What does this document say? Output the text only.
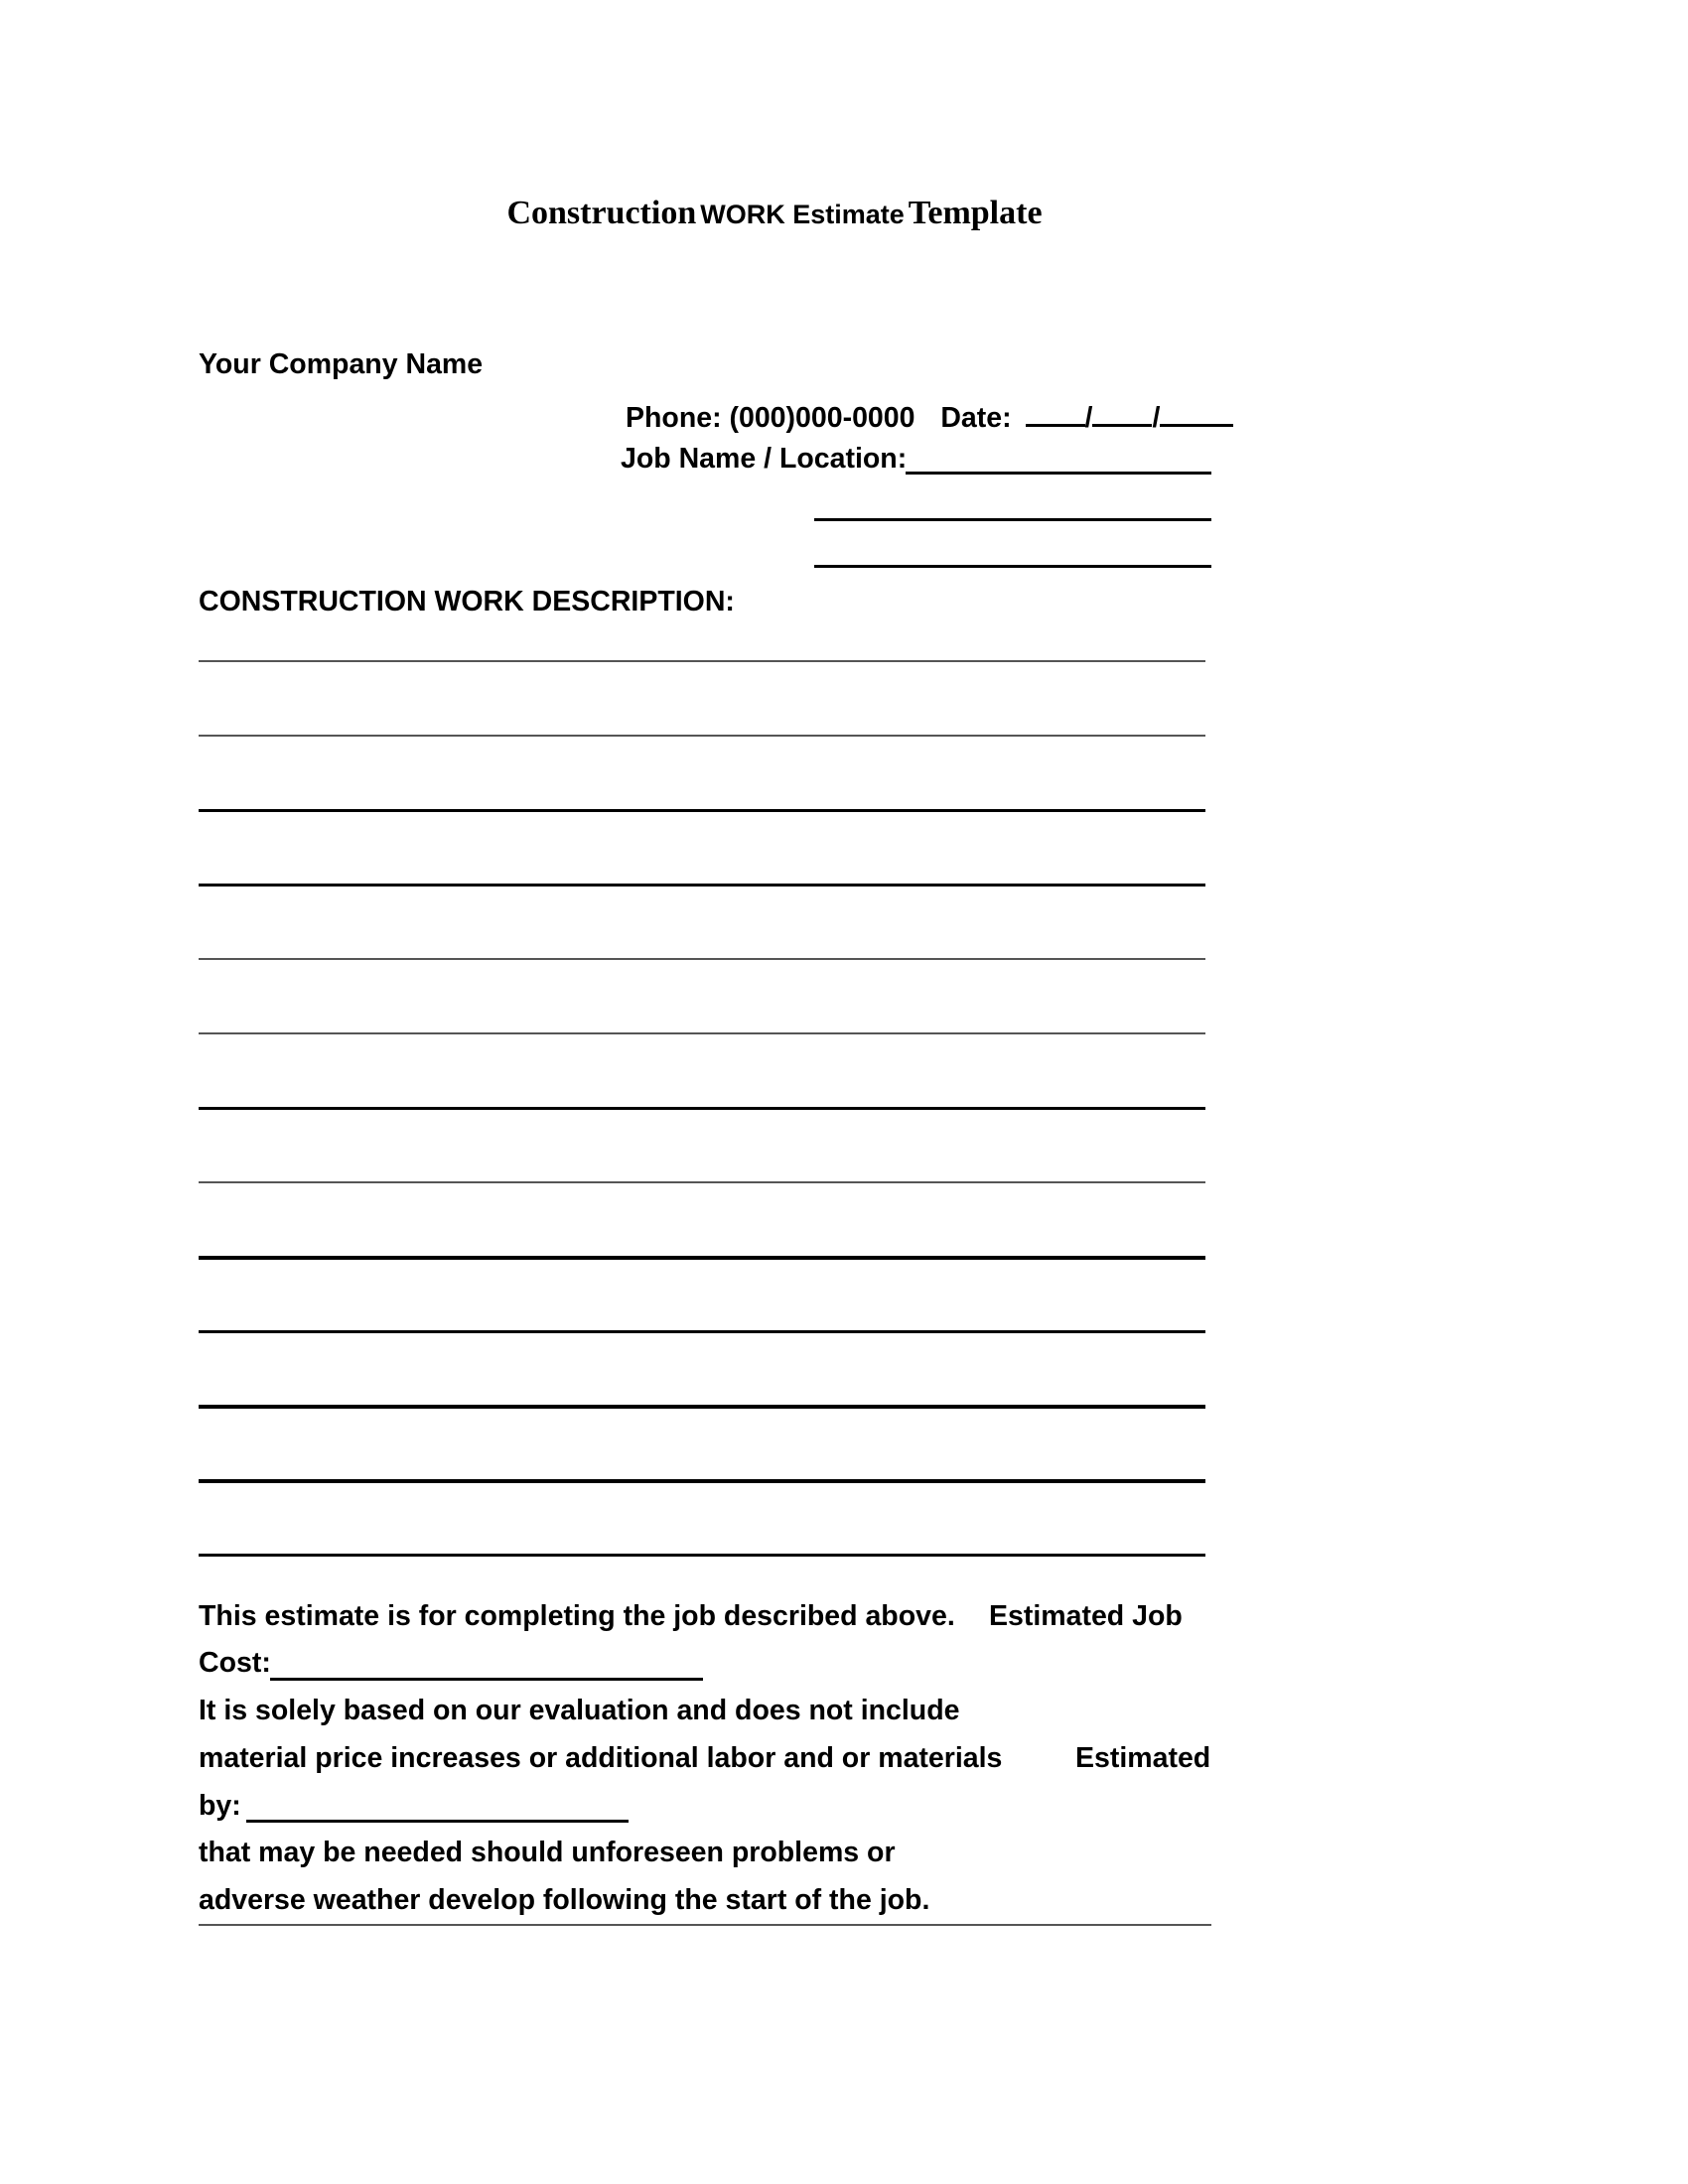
Construction WORK Estimate Template
Your Company Name
Phone: (000)000-0000 Date:	/ /
Job Name / Location:
CONSTRUCTION WORK DESCRIPTION:
This estimate is for completing the job described above. Estimated Job
Cost:
It is solely based on our evaluation and does not include
material price increases or additional labor and or materials	Estimated
by:
that may be needed should unforeseen problems or
adverse weather develop following the start of the job.
